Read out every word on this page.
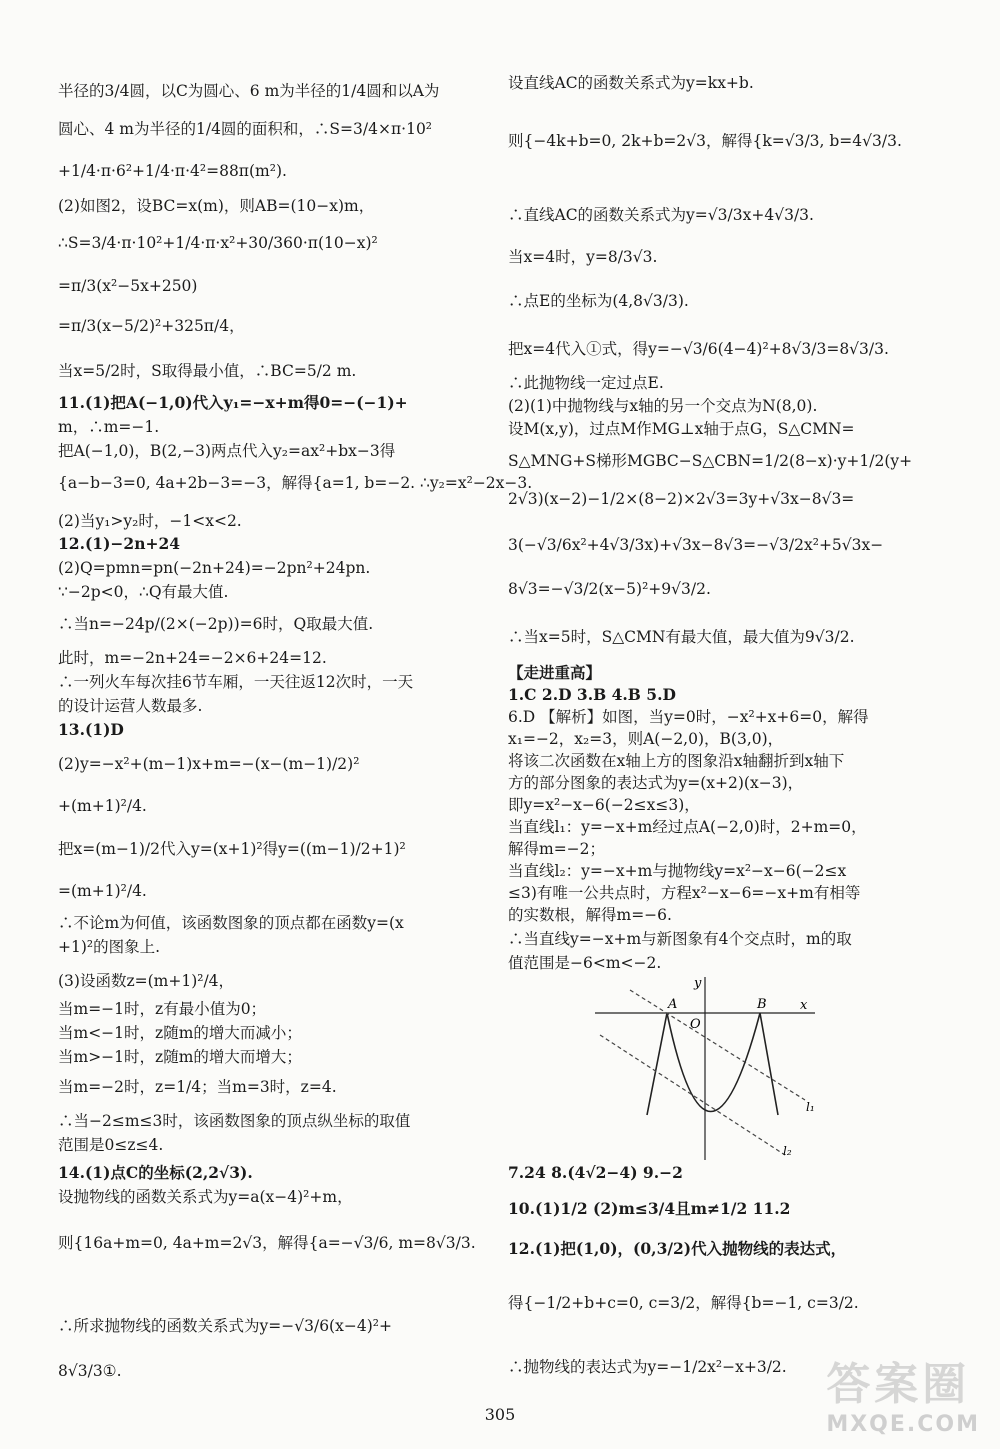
半径的3/4圆，以C为圆心、6 m为半径的1/4圆和以A为
圆心、4 m为半径的1/4圆的面积和，∴S=3/4×π·10²
+1/4·π·6²+1/4·π·4²=88π(m²).
(2)如图2，设BC=x(m)，则AB=(10−x)m，
∴S=3/4·π·10²+1/4·π·x²+30/360·π(10−x)²
=π/3(x²−5x+250)
=π/3(x−5/2)²+325π/4，
当x=5/2时，S取得最小值，∴BC=5/2 m.
11.(1)把A(−1,0)代入y₁=−x+m得0=−(−1)+
m，∴m=−1.
把A(−1,0)，B(2,−3)两点代入y₂=ax²+bx−3得
{a−b−3=0, 4a+2b−3=−3，解得{a=1, b=−2. ∴y₂=x²−2x−3.
(2)当y₁>y₂时，−1<x<2.
12.(1)−2n+24
(2)Q=pmn=pn(−2n+24)=−2pn²+24pn.
∵−2p<0，∴Q有最大值.
∴当n=−24p/(2×(−2p))=6时，Q取最大值.
此时，m=−2n+24=−2×6+24=12.
∴一列火车每次挂6节车厢，一天往返12次时，一天
的设计运营人数最多.
13.(1)D
(2)y=−x²+(m−1)x+m=−(x−(m−1)/2)²
+(m+1)²/4.
把x=(m−1)/2代入y=(x+1)²得y=((m−1)/2+1)²
=(m+1)²/4.
∴不论m为何值，该函数图象的顶点都在函数y=(x
+1)²的图象上.
(3)设函数z=(m+1)²/4，
当m=−1时，z有最小值为0；
当m<−1时，z随m的增大而减小；
当m>−1时，z随m的增大而增大；
当m=−2时，z=1/4；当m=3时，z=4.
∴当−2≤m≤3时，该函数图象的顶点纵坐标的取值
范围是0≤z≤4.
14.(1)点C的坐标(2,2√3).
设抛物线的函数关系式为y=a(x−4)²+m，
则{16a+m=0, 4a+m=2√3，解得{a=−√3/6, m=8√3/3.
∴所求抛物线的函数关系式为y=−√3/6(x−4)²+
8√3/3①.
设直线AC的函数关系式为y=kx+b.
则{−4k+b=0, 2k+b=2√3，解得{k=√3/3, b=4√3/3.
∴直线AC的函数关系式为y=√3/3x+4√3/3.
当x=4时，y=8/3√3.
∴点E的坐标为(4,8√3/3).
把x=4代入①式，得y=−√3/6(4−4)²+8√3/3=8√3/3.
∴此抛物线一定过点E.
(2)(1)中抛物线与x轴的另一个交点为N(8,0).
设M(x,y)，过点M作MG⊥x轴于点G，S△CMN=
S△MNG+S梯形MGBC−S△CBN=1/2(8−x)·y+1/2(y+
2√3)(x−2)−1/2×(8−2)×2√3=3y+√3x−8√3=
3(−√3/6x²+4√3/3x)+√3x−8√3=−√3/2x²+5√3x−
8√3=−√3/2(x−5)²+9√3/2.
∴当x=5时，S△CMN有最大值，最大值为9√3/2.
【走进重高】
1.C 2.D 3.B 4.B 5.D
6.D 【解析】如图，当y=0时，−x²+x+6=0，解得
x₁=−2，x₂=3，则A(−2,0)，B(3,0)，
将该二次函数在x轴上方的图象沿x轴翻折到x轴下
方的部分图象的表达式为y=(x+2)(x−3)，
即y=x²−x−6(−2≤x≤3)，
当直线l₁：y=−x+m经过点A(−2,0)时，2+m=0，
解得m=−2；
当直线l₂：y=−x+m与抛物线y=x²−x−6(−2≤x
≤3)有唯一公共点时，方程x²−x−6=−x+m有相等
的实数根，解得m=−6.
∴当直线y=−x+m与新图象有4个交点时，m的取
值范围是−6<m<−2.
7.24 8.(4√2−4) 9.−2
10.(1)1/2 (2)m≤3/4且m≠1/2 11.2
12.(1)把(1,0)，(0,3/2)代入抛物线的表达式，
得{−1/2+b+c=0, c=3/2，解得{b=−1, c=3/2.
∴抛物线的表达式为y=−1/2x²−x+3/2.
y
x
O
A	B
l₁
l₂
305
答案圈
MXQE.COM
